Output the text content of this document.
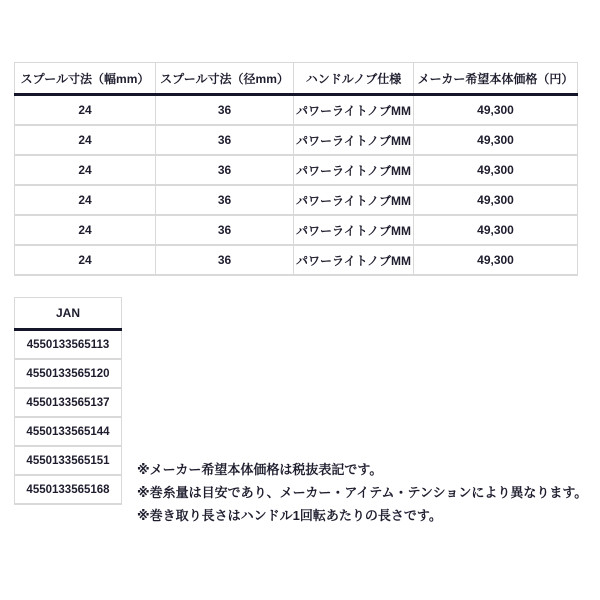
スプール寸法（幅mm）	スプール寸法（径mm）	ハンドルノブ仕様	メーカー希望本体価格（円）
24	36	パワーライトノブMM	49,300
24	36	パワーライトノブMM	49,300
24	36	パワーライトノブMM	49,300
24	36	パワーライトノブMM	49,300
24	36	パワーライトノブMM	49,300
24	36	パワーライトノブMM	49,300
JAN
4550133565113
4550133565120
4550133565137
4550133565144
4550133565151
4550133565168
※メーカー希望本体価格は税抜表記です。
※巻糸量は目安であり、メーカー・アイテム・テンションにより異なります。
※巻き取り長さはハンドル1回転あたりの長さです。
